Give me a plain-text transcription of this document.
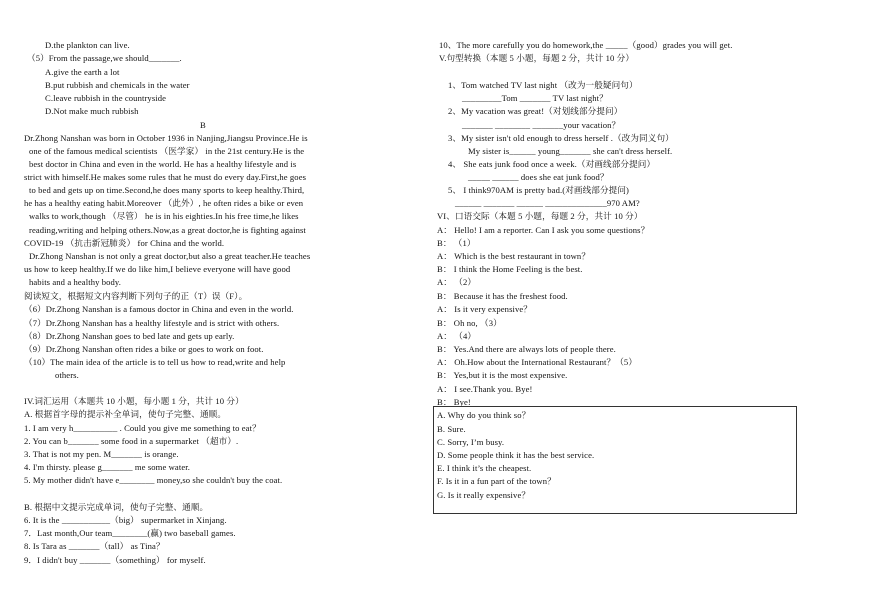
D.the plankton can live.
（5）From the passage,we should_______.
A.give the earth a lot
B.put rubbish and chemicals in the water
C.leave rubbish in the countryside
D.Not make much rubbish
B
Dr.Zhong Nanshan was born in October 1936 in Nanjing,Jiangsu Province.He is
one of the famous medical scientists （医学家） in the 21st century.He is the
best doctor in China and even in the world. He has a healthy lifestyle and is
strict with himself.He makes some rules that he must do every day.First,he goes
to bed and gets up on time.Second,he does many sports to keep healthy.Third,
he has a healthy eating habit.Moreover （此外）, he often rides a bike or even
walks to work,though （尽管） he is in his eighties.In his free time,he likes
reading,writing and helping others.Now,as a great doctor,he is fighting against
COVID-19 （抗击新冠肺炎） for China and the world.
Dr.Zhong Nanshan is not only a great doctor,but also a great teacher.He teaches
us how to keep healthy.If we do like him,I believe everyone will have good
habits and a healthy body.
阅读短文，根据短文内容判断下列句子的正（T）误（F）。
（6）Dr.Zhong Nanshan is a famous doctor in China and even in the world.
（7）Dr.Zhong Nanshan has a healthy lifestyle and is strict with others.
（8）Dr.Zhong Nanshan goes to bed late and gets up early.
（9）Dr.Zhong Nanshan often rides a bike or goes to work on foot.
（10）The main idea of the article is to tell us how to read,write and help
others.
IV.词汇运用（本题共 10 小题，每小题 1 分，共计 10 分）
A. 根据首字母的提示补全单词，使句子完整、通顺。
1. I am very h__________ . Could you give me something to eat？
2. You can b_______ some food in a supermarket （超市）.
3. That is not my pen. M_______ is orange.
4. I'm thirsty. please g_______ me some water.
5. My mother didn't have e________ money,so she couldn't buy the coat.
B. 根据中文提示完成单词，使句子完整、通顺。
6. It is the ___________（big） supermarket in Xinjang.
7．Last month,Our team________(赢) two baseball games.
8. Is Tara as _______（tall） as Tina？
9．I didn't buy _______（something） for myself.
10、The more carefully you do homework,the _____（good）grades you will get.
V.句型转换（本题 5 小题，每题 2 分，共计 10 分）
1、Tom watched TV last night （改为一般疑问句）
_________Tom _______ TV last night？
2、My vacation was great!（对划线部分提问）
_______ ________ _______your vacation？
3、My sister isn't old enough to dress herself .（改为同义句）
My sister is______ young_______ she can't dress herself.
4、 She eats junk food once a week.（对画线部分提问）
_____ ______ does she eat junk food？
5、 I think970AM is pretty bad.(对画线部分提问)
______ _______ ______ ______________970 AM?
VI、口语交际（本题 5 小题，每题 2 分，共计 10 分）
A： Hello! I am a reporter. Can I ask you some questions？
B： （1）
A： Which is the best restaurant in town？
B： I think the Home Feeling is the best.
A： （2）
B： Because it has the freshest food.
A： Is it very expensive？
B： Oh no, （3）
A： （4）
B： Yes.And there are always lots of people there.
A： Oh.How about the International Restaurant？（5）
B： Yes,but it is the most expensive.
A： I see.Thank you. Bye!
B： Bye!
A. Why do you think so？
B. Sure.
C. Sorry, I’m busy.
D. Some people think it has the best service.
E. I think it’s the cheapest.
F. Is it in a fun part of the town？
G. Is it really expensive？
